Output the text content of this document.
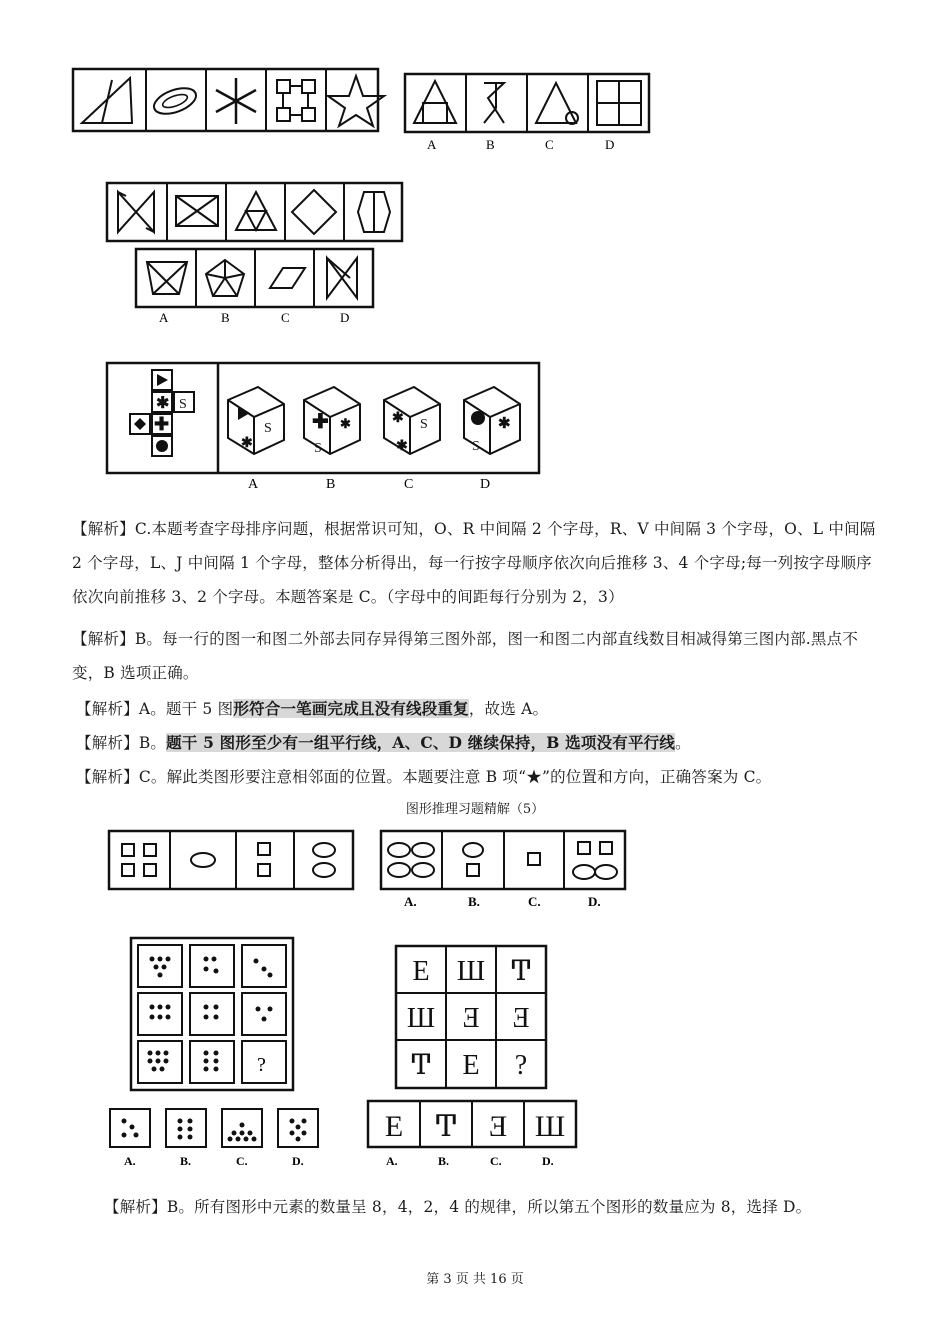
A	B	C	D
A	B	C	D
✱ S
✚	S
✱
✚ ✱
S
✱ S
✱
✱
S
A	B	C	D
【解析】C.本题考查字母排序问题，根据常识可知，O、R 中间隔 2 个字母，R、V 中间隔 3 个字母，O、L 中间隔 2 个字母，L、J 中间隔 1 个字母，整体分析得出，每一行按字母顺序依次向后推移 3、4 个字母;每一列按字母顺序依次向前推移 3、2 个字母。本题答案是 C。（字母中的间距每行分别为 2，3）
【解析】B。每一行的图一和图二外部去同存异得第三图外部，图一和图二内部直线数目相减得第三图内部.黑点不变，B 选项正确。
【解析】A。题干 5 图形符合一笔画完成且没有线段重复，故选 A。
【解析】B。题干 5 图形至少有一组平行线，A、C、D 继续保持，B 选项没有平行线。
【解析】C。解此类图形要注意相邻面的位置。本题要注意 B 项“★”的位置和方向，正确答案为 C。
图形推理习题精解（5）
A.	B.	C.	D.
?
A.	B.	C.	D.
E Ш Ͳ
Ш Ǝ Ǝ
Ͳ E ?
E Ͳ Ǝ Ш
A.	B.	C.	D.
【解析】B。所有图形中元素的数量呈 8，4，2，4 的规律，所以第五个图形的数量应为 8，选择 D。
第 3 页 共 16 页
